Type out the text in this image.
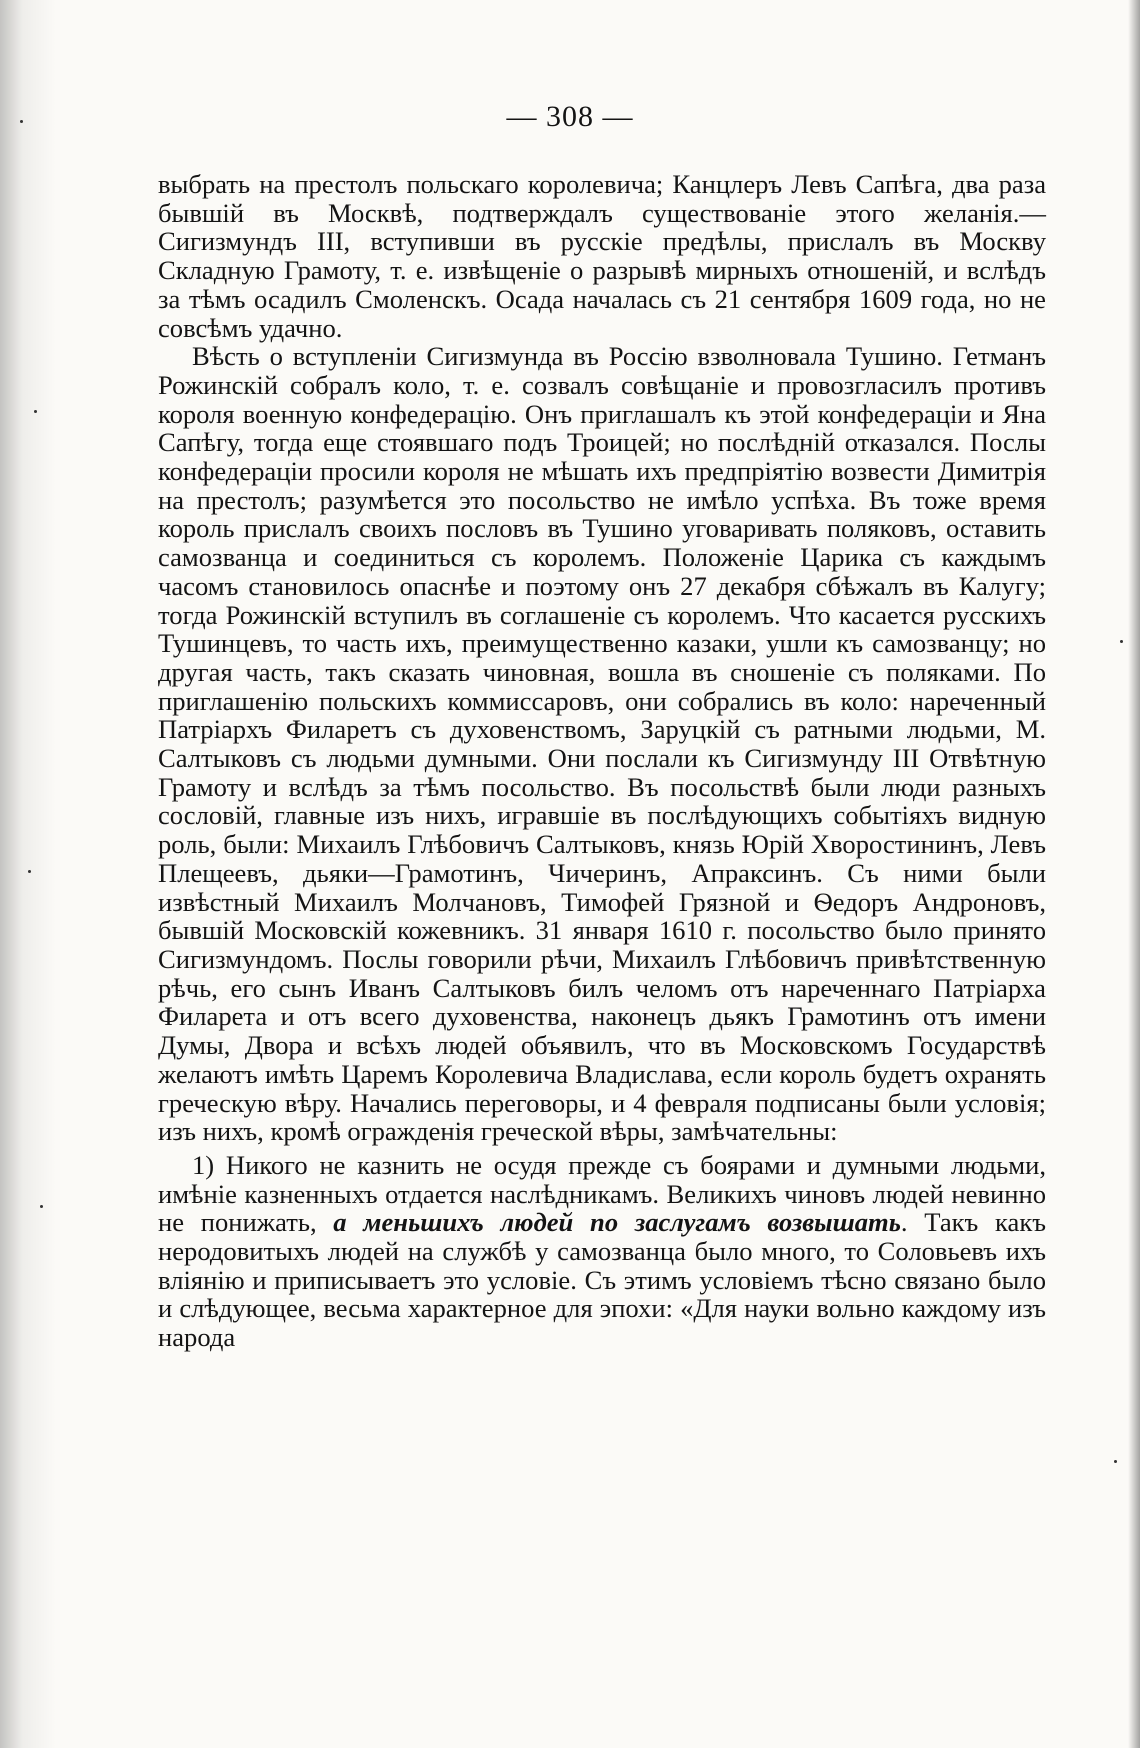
— 308 —

выбрать на престолъ польскаго королевича; Канцлеръ Левъ Сапѣга, два раза бывшій въ Москвѣ, подтверждалъ существованіе этого желанія.—Сигизмундъ III, вступивши въ русскіе предѣлы, прислалъ въ Москву Складную Грамоту, т. е. извѣщеніе о разрывѣ мирныхъ отношеній, и вслѣдъ за тѣмъ осадилъ Смоленскъ. Осада началась съ 21 сентября 1609 года, но не совсѣмъ удачно.

Вѣсть о вступленіи Сигизмунда въ Россію взволновала Тушино. Гетманъ Рожинскій собралъ коло, т. е. созвалъ совѣщаніе и провозгласилъ противъ короля военную конфедерацію. Онъ приглашалъ къ этой конфедераціи и Яна Сапѣгу, тогда еще стоявшаго подъ Троицей; но послѣдній отказался. Послы конфедераціи просили короля не мѣшать ихъ предпріятію возвести Димитрія на престолъ; разумѣется это посольство не имѣло успѣха. Въ тоже время король прислалъ своихъ пословъ въ Тушино уговаривать поляковъ, оставить самозванца и соединиться съ королемъ. Положеніе Царика съ каждымъ часомъ становилось опаснѣе и поэтому онъ 27 декабря сбѣжалъ въ Калугу; тогда Рожинскій вступилъ въ соглашеніе съ королемъ. Что касается русскихъ Тушинцевъ, то часть ихъ, преимущественно казаки, ушли къ самозванцу; но другая часть, такъ сказать чиновная, вошла въ сношеніе съ поляками. По приглашенію польскихъ коммиссаровъ, они собрались въ коло: нареченный Патріархъ Филаретъ съ духовенствомъ, Заруцкій съ ратными людьми, М. Салтыковъ съ людьми думными. Они послали къ Сигизмунду III Отвѣтную Грамоту и вслѣдъ за тѣмъ посольство. Въ посольствѣ были люди разныхъ сословій, главные изъ нихъ, игравшіе въ послѣдующихъ событіяхъ видную роль, были: Михаилъ Глѣбовичъ Салтыковъ, князь Юрій Хворостининъ, Левъ Плещеевъ, дьяки—Грамотинъ, Чичеринъ, Апраксинъ. Съ ними были извѣстный Михаилъ Молчановъ, Тимофей Грязной и Ѳедоръ Андроновъ, бывшій Московскій кожевникъ. 31 января 1610 г. посольство было принято Сигизмундомъ. Послы говорили рѣчи, Михаилъ Глѣбовичъ привѣтственную рѣчь, его сынъ Иванъ Салтыковъ билъ челомъ отъ нареченнаго Патріарха Филарета и отъ всего духовенства, наконецъ дьякъ Грамотинъ отъ имени Думы, Двора и всѣхъ людей объявилъ, что въ Московскомъ Государствѣ желаютъ имѣть Царемъ Королевича Владислава, если король будетъ охранять греческую вѣру. Начались переговоры, и 4 февраля подписаны были условія; изъ нихъ, кромѣ огражденія греческой вѣры, замѣчательны:

1) Никого не казнить не осудя прежде съ боярами и думными людьми, имѣніе казненныхъ отдается наслѣдникамъ. Великихъ чиновъ людей невинно не понижать, а меньшихъ людей по заслугамъ возвышать. Такъ какъ неродовитыхъ людей на службѣ у самозванца было много, то Соловьевъ ихъ вліянію и приписываетъ это условіе. Съ этимъ условіемъ тѣсно связано было и слѣдующее, весьма характерное для эпохи: «Для науки вольно каждому изъ народа
